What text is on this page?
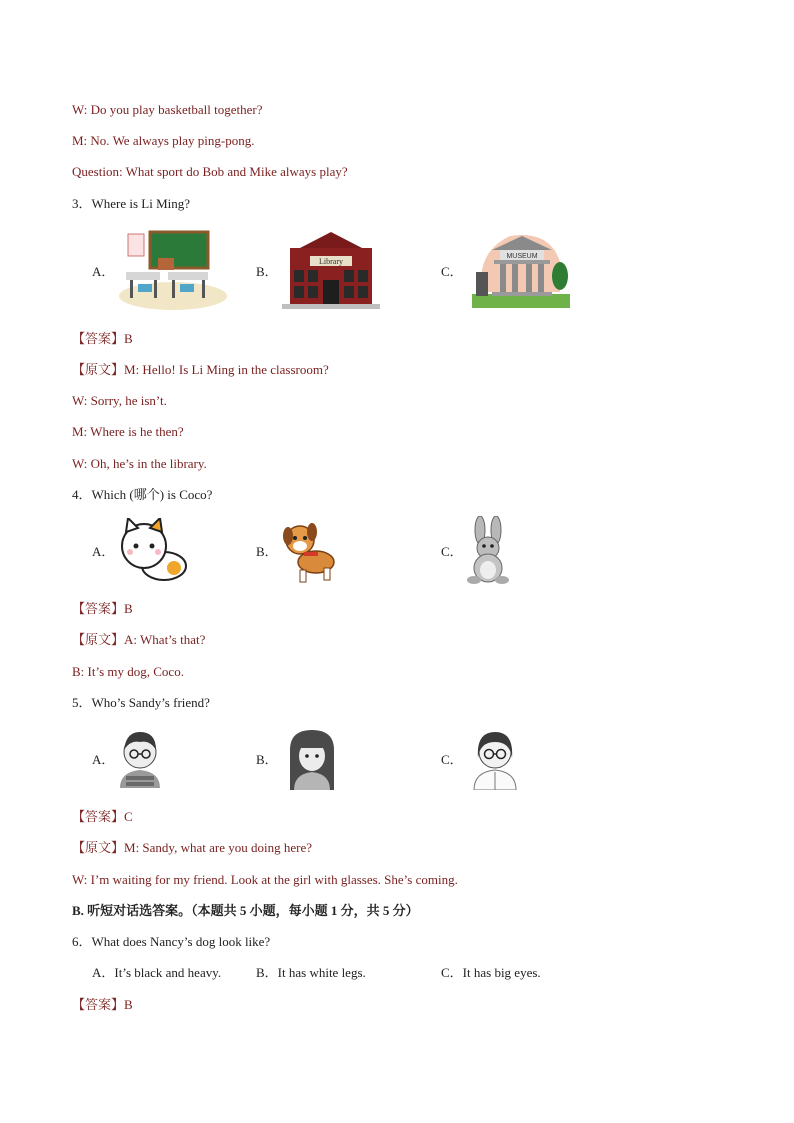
W: Do you play basketball together?
M: No. We always play ping-pong.
Question: What sport do Bob and Mike always play?
3．Where is Li Ming?
A．	B．
Library
C．
MUSEUM
【答案】B
【原文】M: Hello! Is Li Ming in the classroom?
W: Sorry, he isn’t.
M: Where is he then?
W: Oh, he’s in the library.
4．Which (哪个) is Coco?
A．	B．	C．
【答案】B
【原文】A: What’s that?
B: It’s my dog, Coco.
5．Who’s Sandy’s friend?
A．	B．	C．
【答案】C
【原文】M: Sandy, what are you doing here?
W: I’m waiting for my friend. Look at the girl with glasses. She’s coming.
B. 听短对话选答案。（本题共 5 小题，每小题 1 分，共 5 分）
6．What does Nancy’s dog look like?
A．It’s black and heavy.	B．It has white legs.	C．It has big eyes.
【答案】B
